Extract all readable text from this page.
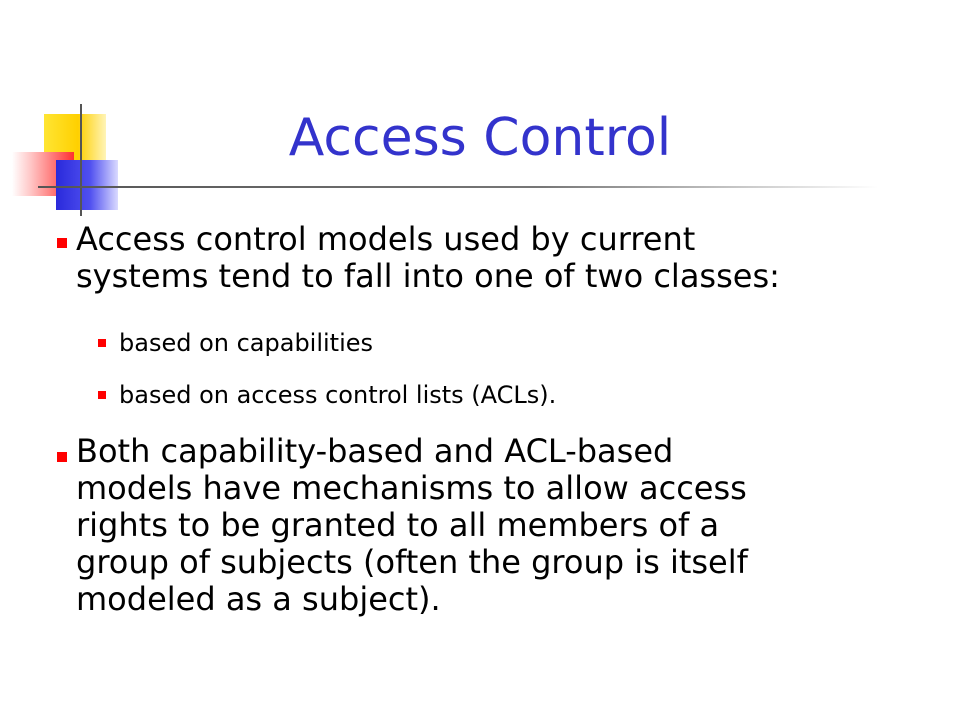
Access Control
Access control models used by current
systems tend to fall into one of two classes:
based on capabilities
based on access control lists (ACLs).
Both capability-based and ACL-based
models have mechanisms to allow access
rights to be granted to all members of a
group of subjects (often the group is itself
modeled as a subject).
